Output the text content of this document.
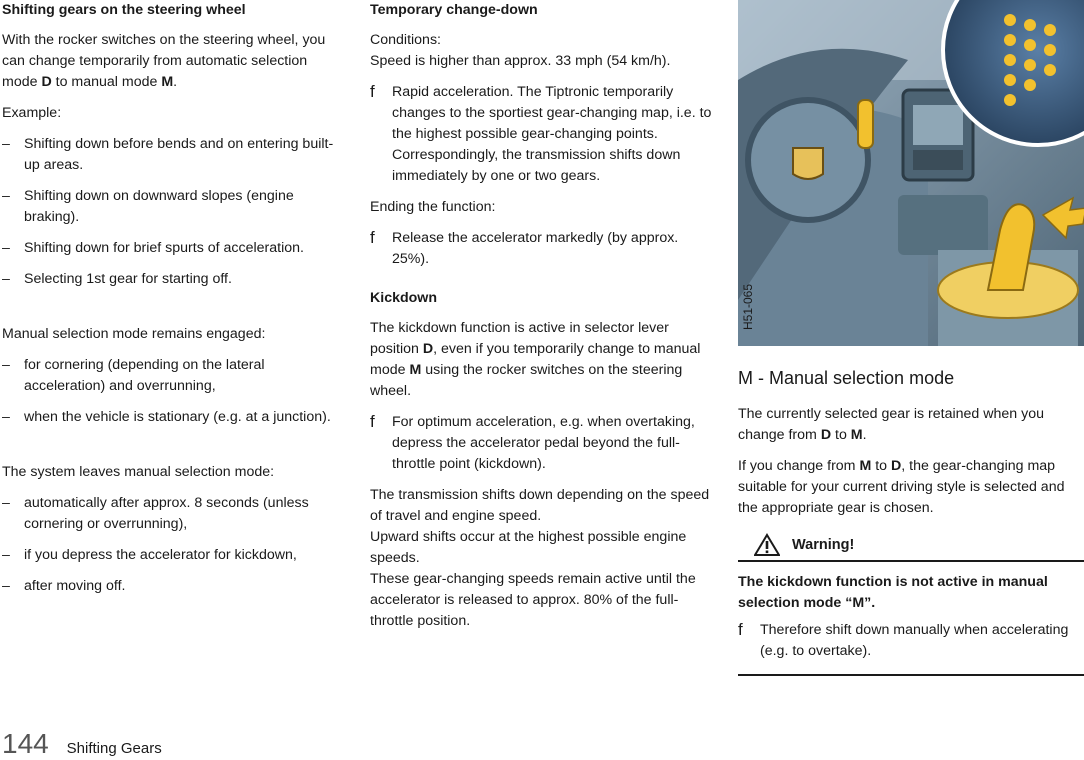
Shifting gears on the steering wheel

With the rocker switches on the steering wheel, you can change temporarily from automatic selection mode D to manual mode M.

Example:

– Shifting down before bends and on entering built-up areas.
– Shifting down on downward slopes (engine braking).
– Shifting down for brief spurts of acceleration.
– Selecting 1st gear for starting off.

Manual selection mode remains engaged:

– for cornering (depending on the lateral acceleration) and overrunning,
– when the vehicle is stationary (e.g. at a junction).

The system leaves manual selection mode:

– automatically after approx. 8 seconds (unless cornering or overrunning),
– if you depress the accelerator for kickdown,
– after moving off.
Temporary change-down

Conditions:
Speed is higher than approx. 33 mph (54 km/h).

f Rapid acceleration. The Tiptronic temporarily changes to the sportiest gear-changing map, i.e. to the highest possible gear-changing points. Correspondingly, the transmission shifts down immediately by one or two gears.

Ending the function:

f Release the accelerator markedly (by approx. 25%).
Kickdown

The kickdown function is active in selector lever position D, even if you temporarily change to manual mode M using the rocker switches on the steering wheel.

f For optimum acceleration, e.g. when overtaking, depress the accelerator pedal beyond the full-throttle point (kickdown).

The transmission shifts down depending on the speed of travel and engine speed.

Upward shifts occur at the highest possible engine speeds.

These gear-changing speeds remain active until the accelerator is released to approx. 80% of the full-throttle position.

H51-065
M - Manual selection mode

The currently selected gear is retained when you change from D to M.

If you change from M to D, the gear-changing map suitable for your current driving style is selected and the appropriate gear is chosen.

Warning!
The kickdown function is not active in manual selection mode “M”.
f Therefore shift down manually when accelerating (e.g. to overtake).
144 Shifting Gears
